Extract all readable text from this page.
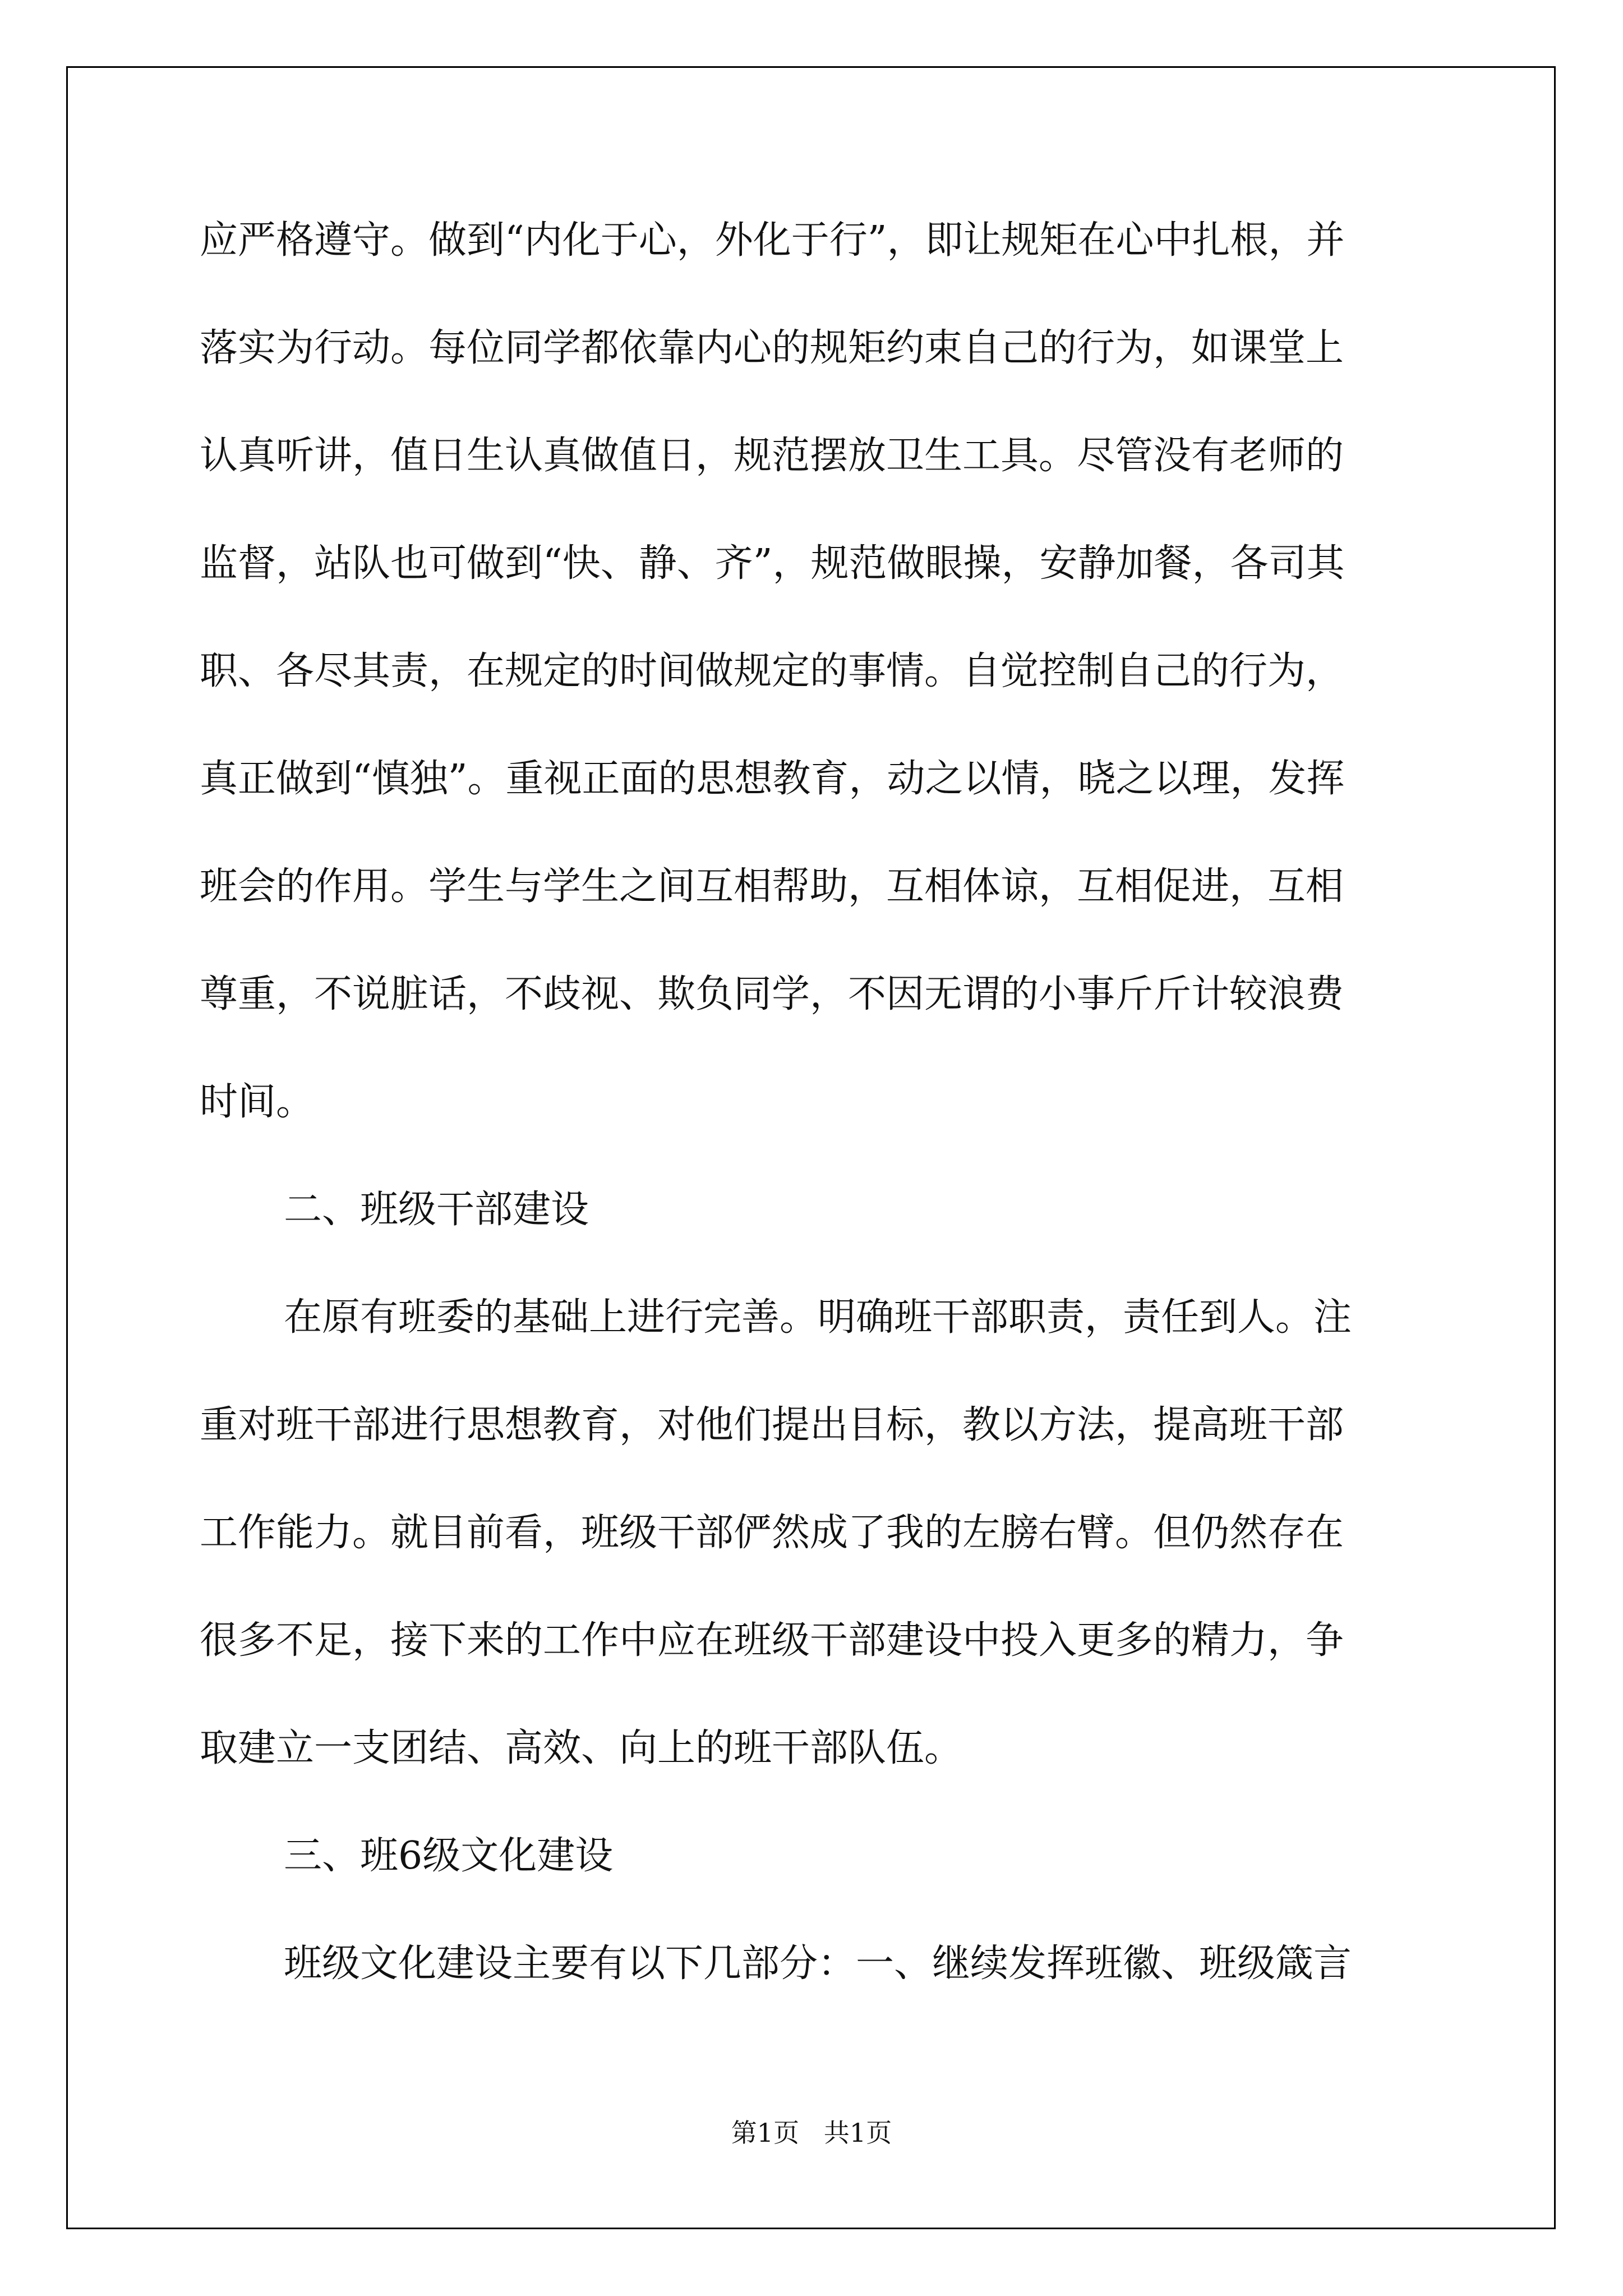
应严格遵守。做到“内化于心，外化于行”，即让规矩在心中扎根，并
落实为行动。每位同学都依靠内心的规矩约束自己的行为，如课堂上
认真听讲，值日生认真做值日，规范摆放卫生工具。尽管没有老师的
监督，站队也可做到“快、静、齐”，规范做眼操，安静加餐，各司其
职、各尽其责，在规定的时间做规定的事情。自觉控制自己的行为，
真正做到“慎独”。重视正面的思想教育，动之以情，晓之以理，发挥
班会的作用。学生与学生之间互相帮助，互相体谅，互相促进，互相
尊重，不说脏话，不歧视、欺负同学，不因无谓的小事斤斤计较浪费
时间。
二、班级干部建设
在原有班委的基础上进行完善。明确班干部职责，责任到人。注
重对班干部进行思想教育，对他们提出目标，教以方法，提高班干部
工作能力。就目前看，班级干部俨然成了我的左膀右臂。但仍然存在
很多不足，接下来的工作中应在班级干部建设中投入更多的精力，争
取建立一支团结、高效、向上的班干部队伍。
三、班6级文化建设
班级文化建设主要有以下几部分：一、继续发挥班徽、班级箴言
第1页   共1页
